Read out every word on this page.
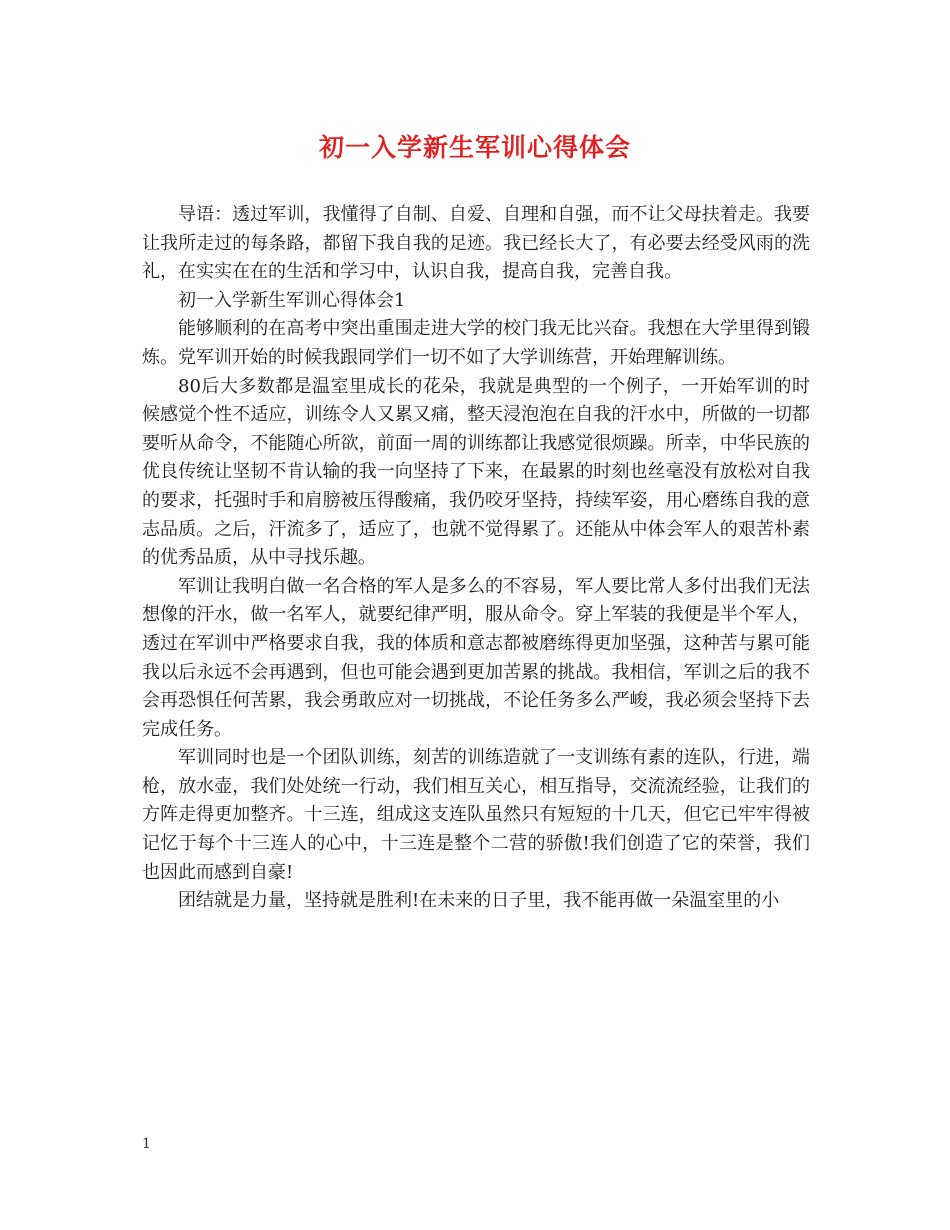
初一入学新生军训心得体会

导语：透过军训，我懂得了自制、自爱、自理和自强，而不让父母扶着走。我要让我所走过的每条路，都留下我自我的足迹。我已经长大了，有必要去经受风雨的洗礼，在实实在在的生活和学习中，认识自我，提高自我，完善自我。

初一入学新生军训心得体会1

能够顺利的在高考中突出重围走进大学的校门我无比兴奋。我想在大学里得到锻炼。党军训开始的时候我跟同学们一切不如了大学训练营，开始理解训练。

80后大多数都是温室里成长的花朵，我就是典型的一个例子，一开始军训的时候感觉个性不适应，训练令人又累又痛，整天浸泡泡在自我的汗水中，所做的一切都要听从命令，不能随心所欲，前面一周的训练都让我感觉很烦躁。所幸，中华民族的优良传统让坚韧不肯认输的我一向坚持了下来，在最累的时刻也丝毫没有放松对自我的要求，托强时手和肩膀被压得酸痛，我仍咬牙坚持，持续军姿，用心磨练自我的意志品质。之后，汗流多了，适应了，也就不觉得累了。还能从中体会军人的艰苦朴素的优秀品质，从中寻找乐趣。

军训让我明白做一名合格的军人是多么的不容易，军人要比常人多付出我们无法想像的汗水，做一名军人，就要纪律严明，服从命令。穿上军装的我便是半个军人，透过在军训中严格要求自我，我的体质和意志都被磨练得更加坚强，这种苦与累可能我以后永远不会再遇到，但也可能会遇到更加苦累的挑战。我相信，军训之后的我不会再恐惧任何苦累，我会勇敢应对一切挑战，不论任务多么严峻，我必须会坚持下去完成任务。

军训同时也是一个团队训练，刻苦的训练造就了一支训练有素的连队，行进，端枪，放水壶，我们处处统一行动，我们相互关心，相互指导，交流流经验，让我们的方阵走得更加整齐。十三连，组成这支连队虽然只有短短的十几天，但它已牢牢得被记忆于每个十三连人的心中，十三连是整个二营的骄傲!我们创造了它的荣誉，我们也因此而感到自豪!

团结就是力量，坚持就是胜利!在未来的日子里，我不能再做一朵温室里的小

1
